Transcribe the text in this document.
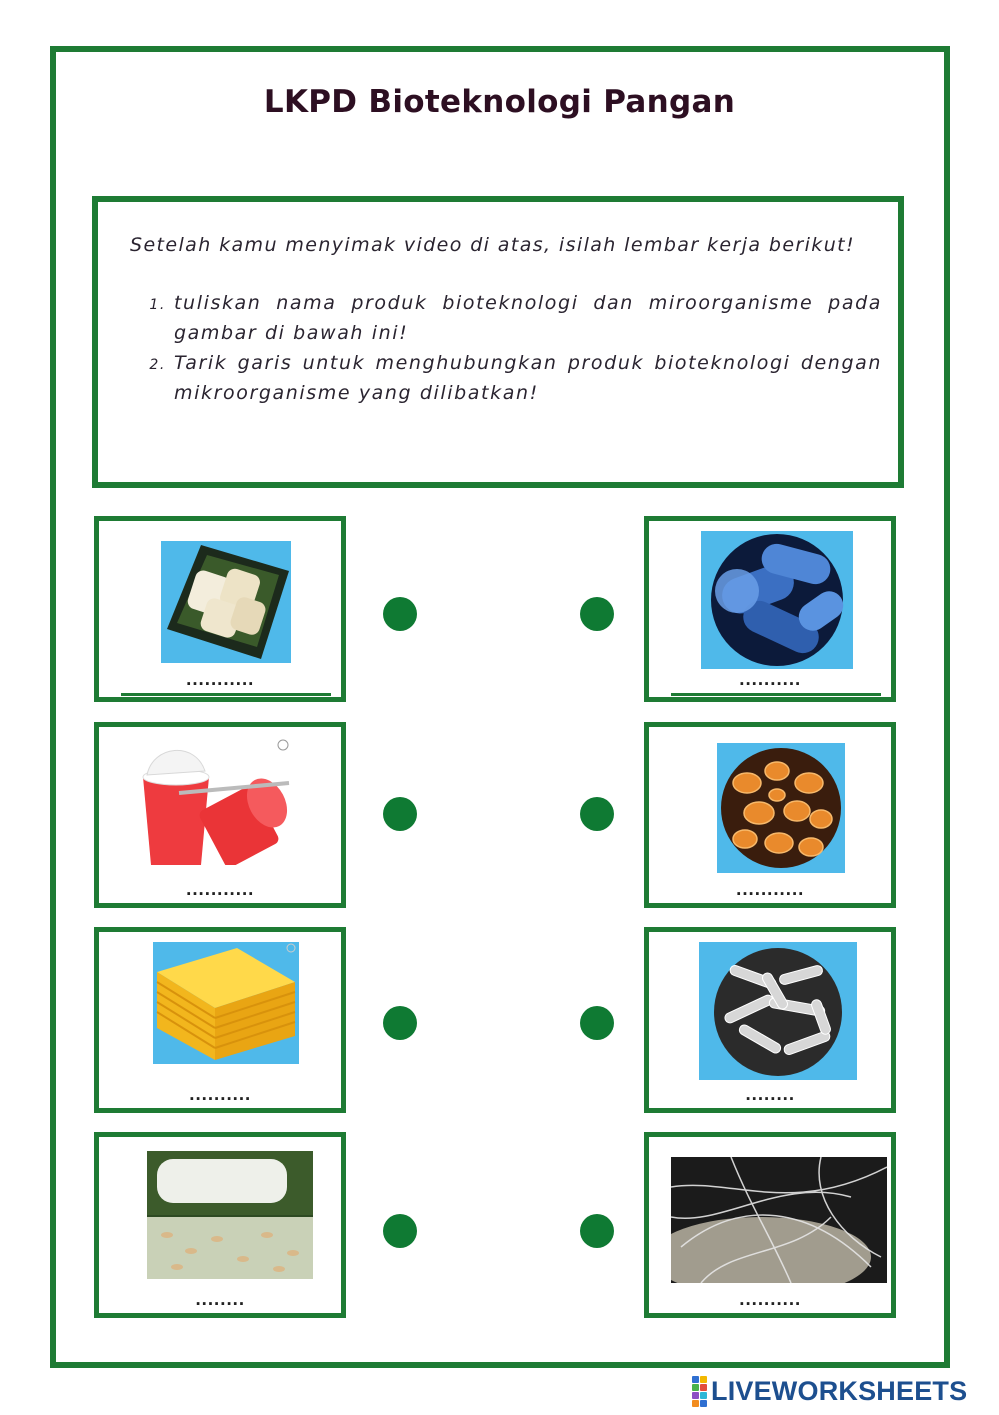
LKPD Bioteknologi Pangan
Setelah kamu menyimak video di atas, isilah lembar kerja berikut!
1. tuliskan nama produk bioteknologi dan miroorganisme pada gambar di bawah ini!
2. Tarik garis untuk menghubungkan produk bioteknologi dengan mikroorganisme yang dilibatkan!
...........
...........
..........
........
..........
...........
........
..........
LIVEWORKSHEETS
